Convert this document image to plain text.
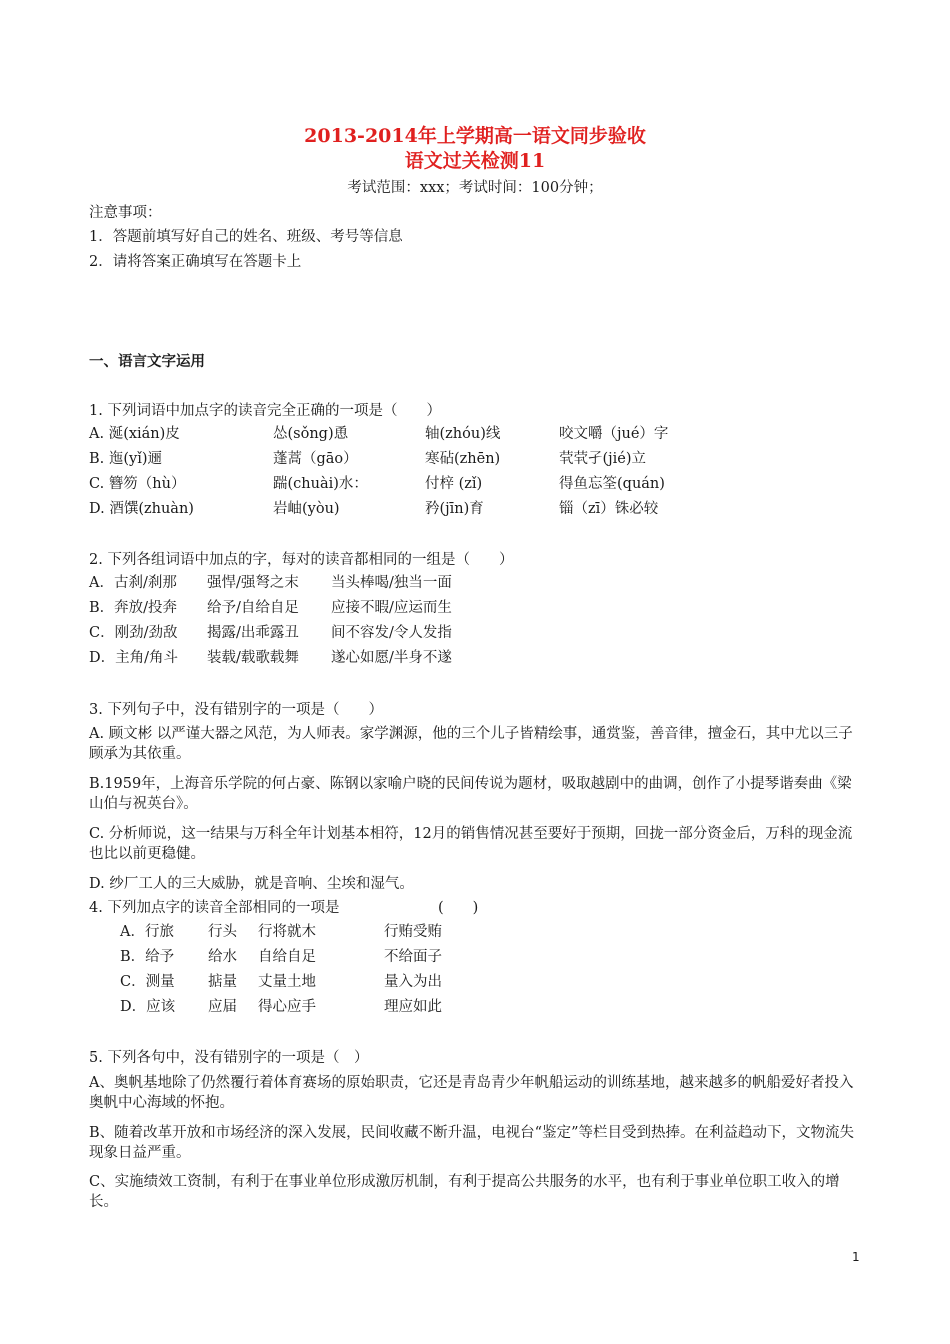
2013-2014年上学期高一语文同步验收
语文过关检测11
考试范围：xxx；考试时间：100分钟；
注意事项：
1．答题前填写好自己的姓名、班级、考号等信息
2．请将答案正确填写在答题卡上
一、语言文字运用
1. 下列词语中加点字的读音完全正确的一项是（　　）
A. 涎(xián)皮	怂(sǒng)恿	轴(zhóu)线	咬文嚼（jué）字
B. 迤(yǐ)逦	蓬蒿（gāo）	寒砧(zhēn)	茕茕孑(jié)立
C. 簪笏（hù）	踹(chuài)水：	付梓 (zǐ)	得鱼忘筌(quán)
D. 酒馔(zhuàn)	岩岫(yòu)	矜(jīn)育	锱（zī）铢必较
2. 下列各组词语中加点的字，每对的读音都相同的一组是（　　）
A．古刹/刹那 强悍/强弩之末 当头棒喝/独当一面
B．奔放/投奔 给予/自给自足 应接不暇/应运而生
C．刚劲/劲敌 揭露/出乖露丑 间不容发/令人发指
D．主角/角斗 装载/载歌载舞 遂心如愿/半身不遂
3. 下列句子中，没有错别字的一项是（　　）
A. 顾文彬 以严谨大器之风范，为人师表。家学渊源，他的三个儿子皆精绘事，通赏鉴，善音律，擅金石，其中尤以三子顾承为其依重。
B.1959年，上海音乐学院的何占豪、陈钢以家喻户晓的民间传说为题材，吸取越剧中的曲调，创作了小提琴谐奏曲《梁山伯与祝英台》。
C. 分析师说，这一结果与万科全年计划基本相符，12月的销售情况甚至要好于预期，回拢一部分资金后，万科的现金流也比以前更稳健。
D. 纱厂工人的三大威胁，就是音响、尘埃和湿气。
4. 下列加点字的读音全部相同的一项是	(　　)
A．行旅 行头 行将就木	行贿受贿
B．给予 给水 自给自足	不给面子
C．测量 掂量 丈量土地	量入为出
D．应该 应届 得心应手	理应如此
5. 下列各句中，没有错别字的一项是（　）
A、奥帆基地除了仍然覆行着体育赛场的原始职责，它还是青岛青少年帆船运动的训练基地，越来越多的帆船爱好者投入奥帆中心海域的怀抱。
B、随着改革开放和市场经济的深入发展，民间收藏不断升温，电视台“鉴定”等栏目受到热捧。在利益趋动下，文物流失现象日益严重。
C、实施绩效工资制，有利于在事业单位形成激厉机制，有利于提高公共服务的水平，也有利于事业单位职工收入的增长。
1
